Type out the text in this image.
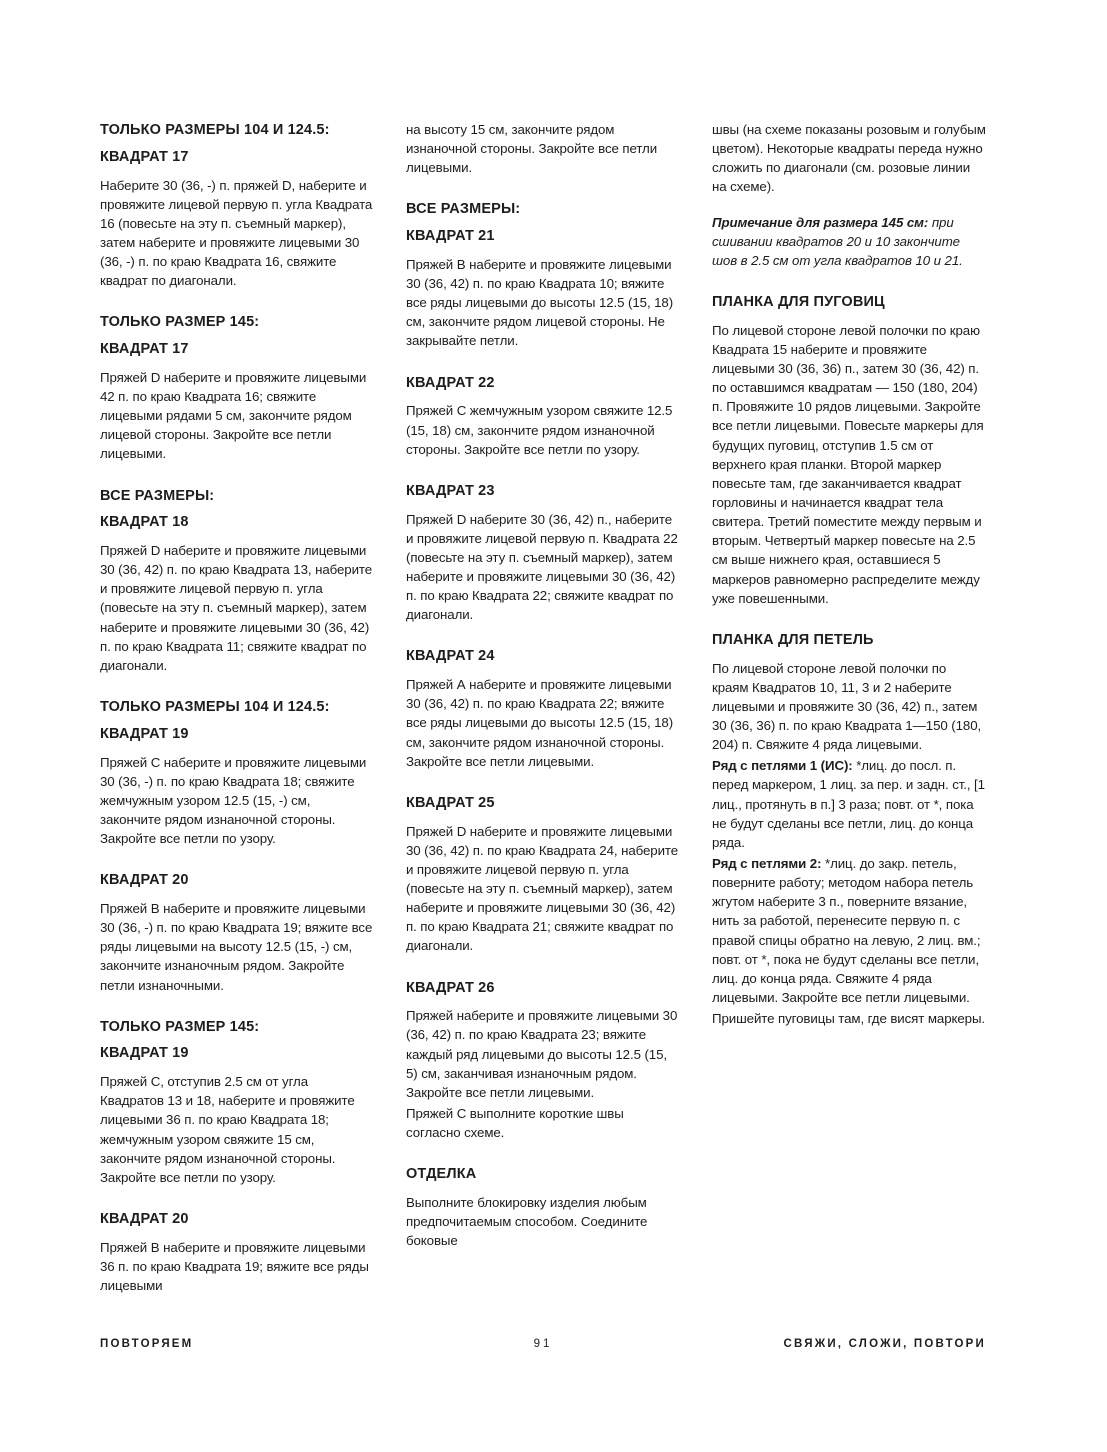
ТОЛЬКО РАЗМЕРЫ 104 И 124.5:
КВАДРАТ 17

Наберите 30 (36, -) п. пряжей D, наберите и провяжите лицевой первую п. угла Квадрата 16 (повесьте на эту п. съемный маркер), затем наберите и провяжите лицевыми 30 (36, -) п. по краю Квадрата 16, свяжите квадрат по диагонали.

ТОЛЬКО РАЗМЕР 145:
КВАДРАТ 17

Пряжей D наберите и провяжите лицевыми 42 п. по краю Квадрата 16; свяжите лицевыми рядами 5 см, закончите рядом лицевой стороны. Закройте все петли лицевыми.

ВСЕ РАЗМЕРЫ:
КВАДРАТ 18

Пряжей D наберите и провяжите лицевыми 30 (36, 42) п. по краю Квадрата 13, наберите и провяжите лицевой первую п. угла (повесьте на эту п. съемный маркер), затем наберите и провяжите лицевыми 30 (36, 42) п. по краю Квадрата 11; свяжите квадрат по диагонали.

ТОЛЬКО РАЗМЕРЫ 104 И 124.5:
КВАДРАТ 19

Пряжей С наберите и провяжите лицевыми 30 (36, -) п. по краю Квадрата 18; свяжите жемчужным узором 12.5 (15, -) см, закончите рядом изнаночной стороны. Закройте все петли по узору.

КВАДРАТ 20

Пряжей В наберите и провяжите лицевыми 30 (36, -) п. по краю Квадрата 19; вяжите все ряды лицевыми на высоту 12.5 (15, -) см, закончите изнаночным рядом. Закройте петли изнаночными.

ТОЛЬКО РАЗМЕР 145:
КВАДРАТ 19

Пряжей С, отступив 2.5 см от угла Квадратов 13 и 18, наберите и провяжите лицевыми 36 п. по краю Квадрата 18; жемчужным узором свяжите 15 см, закончите рядом изнаночной стороны. Закройте все петли по узору.

КВАДРАТ 20

Пряжей В наберите и провяжите лицевыми 36 п. по краю Квадрата 19; вяжите все ряды лицевыми

на высоту 15 см, закончите рядом изнаночной стороны. Закройте все петли лицевыми.

ВСЕ РАЗМЕРЫ:
КВАДРАТ 21

Пряжей В наберите и провяжите лицевыми 30 (36, 42) п. по краю Квадрата 10; вяжите все ряды лицевыми до высоты 12.5 (15, 18) см, закончите рядом лицевой стороны. Не закрывайте петли.

КВАДРАТ 22

Пряжей С жемчужным узором свяжите 12.5 (15, 18) см, закончите рядом изнаночной стороны. Закройте все петли по узору.

КВАДРАТ 23

Пряжей D наберите 30 (36, 42) п., наберите и провяжите лицевой первую п. Квадрата 22 (повесьте на эту п. съемный маркер), затем наберите и провяжите лицевыми 30 (36, 42) п. по краю Квадрата 22; свяжите квадрат по диагонали.

КВАДРАТ 24

Пряжей А наберите и провяжите лицевыми 30 (36, 42) п. по краю Квадрата 22; вяжите все ряды лицевыми до высоты 12.5 (15, 18) см, закончите рядом изнаночной стороны. Закройте все петли лицевыми.

КВАДРАТ 25

Пряжей D наберите и провяжите лицевыми 30 (36, 42) п. по краю Квадрата 24, наберите и провяжите лицевой первую п. угла (повесьте на эту п. съемный маркер), затем наберите и провяжите лицевыми 30 (36, 42) п. по краю Квадрата 21; свяжите квадрат по диагонали.

КВАДРАТ 26

Пряжей наберите и провяжите лицевыми 30 (36, 42) п. по краю Квадрата 23; вяжите каждый ряд лицевыми до высоты 12.5 (15, 5) см, заканчивая изнаночным рядом. Закройте все петли лицевыми.

Пряжей С выполните короткие швы согласно схеме.

ОТДЕЛКА

Выполните блокировку изделия любым предпочитаемым способом. Соедините боковые

швы (на схеме показаны розовым и голубым цветом). Некоторые квадраты переда нужно сложить по диагонали (см. розовые линии на схеме).

Примечание для размера 145 см: при сшивании квадратов 20 и 10 закончите шов в 2.5 см от угла квадратов 10 и 21.

ПЛАНКА ДЛЯ ПУГОВИЦ

По лицевой стороне левой полочки по краю Квадрата 15 наберите и провяжите лицевыми 30 (36, 36) п., затем 30 (36, 42) п. по оставшимся квадратам — 150 (180, 204) п. Провяжите 10 рядов лицевыми. Закройте все петли лицевыми. Повесьте маркеры для будущих пуговиц, отступив 1.5 см от верхнего края планки. Второй маркер повесьте там, где заканчивается квадрат горловины и начинается квадрат тела свитера. Третий поместите между первым и вторым. Четвертый маркер повесьте на 2.5 см выше нижнего края, оставшиеся 5 маркеров равномерно распределите между уже повешенными.

ПЛАНКА ДЛЯ ПЕТЕЛЬ

По лицевой стороне левой полочки по краям Квадратов 10, 11, 3 и 2 наберите лицевыми и провяжите 30 (36, 42) п., затем 30 (36, 36) п. по краю Квадрата 1—150 (180, 204) п. Свяжите 4 ряда лицевыми.

Ряд с петлями 1 (ИС): *лиц. до посл. п. перед маркером, 1 лиц. за пер. и задн. ст., [1 лиц., протянуть в п.] 3 раза; повт. от *, пока не будут сделаны все петли, лиц. до конца ряда.

Ряд с петлями 2: *лиц. до закр. петель, поверните работу; методом набора петель жгутом наберите 3 п., поверните вязание, нить за работой, перенесите первую п. с правой спицы обратно на левую, 2 лиц. вм.; повт. от *, пока не будут сделаны все петли, лиц. до конца ряда. Свяжите 4 ряда лицевыми. Закройте все петли лицевыми.

Пришейте пуговицы там, где висят маркеры.

ПОВТОРЯЕМ	91	СВЯЖИ, СЛОЖИ, ПОВТОРИ
